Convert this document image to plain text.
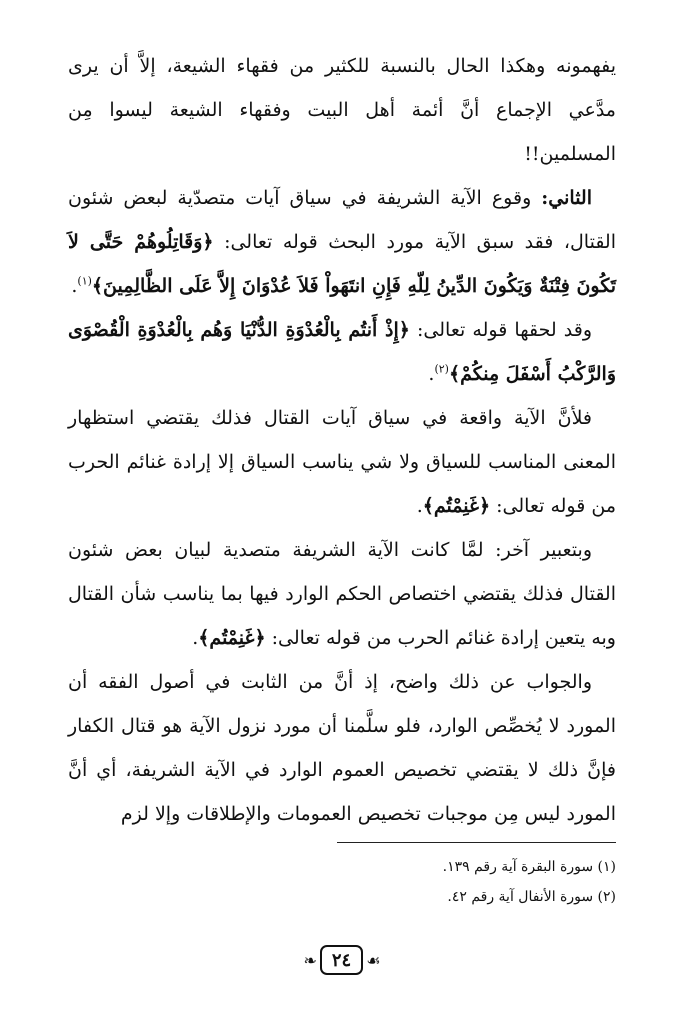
يفهمونه وهكذا الحال بالنسبة للكثير من فقهاء الشيعة، إلاَّ أن يرى مدَّعي الإجماع أنَّ أئمة أهل البيت وفقهاء الشيعة ليسوا مِن المسلمين!!

الثاني: وقوع الآية الشريفة في سياق آيات متصدّية لبعض شئون القتال، فقد سبق الآية مورد البحث قوله تعالى: ﴿وَقَاتِلُوهُمْ حَتَّى لاَ تَكُونَ فِتْنَةٌ وَيَكُونَ الدِّينُ لِلّهِ فَإِنِ انتَهَواْ فَلاَ عُدْوَانَ إِلاَّ عَلَى الظَّالِمِينَ﴾$^{(١)}$.

وقد لحقها قوله تعالى: ﴿إِذْ أَنتُم بِالْعُدْوَةِ الدُّنْيَا وَهُم بِالْعُدْوَةِ الْقُصْوَى وَالرَّكْبُ أَسْفَلَ مِنكُمْ﴾$^{(٢)}$.

فلأنَّ الآية واقعة في سياق آيات القتال فذلك يقتضي استظهار المعنى المناسب للسياق ولا شي يناسب السياق إلا إرادة غنائم الحرب من قوله تعالى: ﴿غَنِمْتُم﴾.

وبتعبير آخر: لمَّا كانت الآية الشريفة متصدية لبيان بعض شئون القتال فذلك يقتضي اختصاص الحكم الوارد فيها بما يناسب شأن القتال وبه يتعين إرادة غنائم الحرب من قوله تعالى: ﴿غَنِمْتُم﴾.

والجواب عن ذلك واضح، إذ أنَّ من الثابت في أصول الفقه أن المورد لا يُخصِّص الوارد، فلو سلَّمنا أن مورد نزول الآية هو قتال الكفار فإنَّ ذلك لا يقتضي تخصيص العموم الوارد في الآية الشريفة، أي أنَّ المورد ليس مِن موجبات تخصيص العمومات والإطلاقات وإلا لزم

(١) سورة البقرة آية رقم ١٣٩.

(٢) سورة الأنفال آية رقم ٤٢.

❧ ٢٤ ☙
